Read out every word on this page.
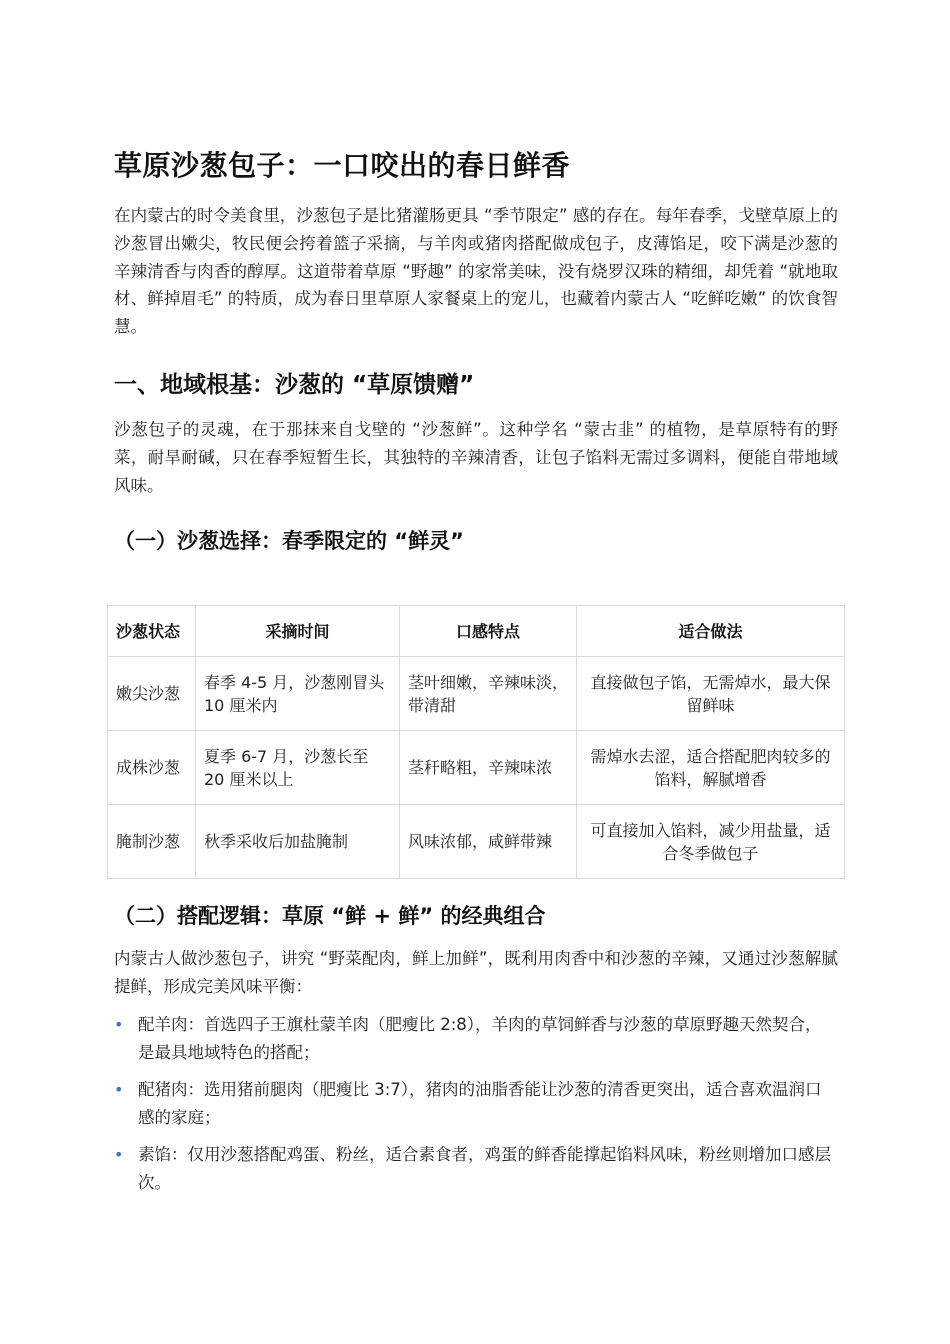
草原沙葱包子：一口咬出的春日鲜香

在内蒙古的时令美食里，沙葱包子是比猪灌肠更具 “季节限定” 感的存在。每年春季，戈壁草原上的沙葱冒出嫩尖，牧民便会挎着篮子采摘，与羊肉或猪肉搭配做成包子，皮薄馅足，咬下满是沙葱的辛辣清香与肉香的醇厚。这道带着草原 “野趣” 的家常美味，没有烧罗汉珠的精细，却凭着 “就地取材、鲜掉眉毛” 的特质，成为春日里草原人家餐桌上的宠儿，也藏着内蒙古人 “吃鲜吃嫩” 的饮食智慧。

一、地域根基：沙葱的 “草原馈赠”

沙葱包子的灵魂，在于那抹来自戈壁的 “沙葱鲜”。这种学名 “蒙古韭” 的植物，是草原特有的野菜，耐旱耐碱，只在春季短暂生长，其独特的辛辣清香，让包子馅料无需过多调料，便能自带地域风味。

（一）沙葱选择：春季限定的 “鲜灵”
沙葱状态	采摘时间	口感特点	适合做法
嫩尖沙葱	春季 4-5 月，沙葱刚冒头 10 厘米内	茎叶细嫩，辛辣味淡，带清甜	直接做包子馅，无需焯水，最大保留鲜味
成株沙葱	夏季 6-7 月，沙葱长至 20 厘米以上	茎秆略粗，辛辣味浓	需焯水去涩，适合搭配肥肉较多的馅料，解腻增香
腌制沙葱	秋季采收后加盐腌制	风味浓郁，咸鲜带辣	可直接加入馅料，减少用盐量，适合冬季做包子
（二）搭配逻辑：草原 “鲜 + 鲜” 的经典组合

内蒙古人做沙葱包子，讲究 “野菜配肉，鲜上加鲜”，既利用肉香中和沙葱的辛辣，又通过沙葱解腻提鲜，形成完美风味平衡：

• 配羊肉：首选四子王旗杜蒙羊肉（肥瘦比 2:8），羊肉的草饲鲜香与沙葱的草原野趣天然契合，是最具地域特色的搭配；
• 配猪肉：选用猪前腿肉（肥瘦比 3:7），猪肉的油脂香能让沙葱的清香更突出，适合喜欢温润口感的家庭；
• 素馅：仅用沙葱搭配鸡蛋、粉丝，适合素食者，鸡蛋的鲜香能撑起馅料风味，粉丝则增加口感层次。
